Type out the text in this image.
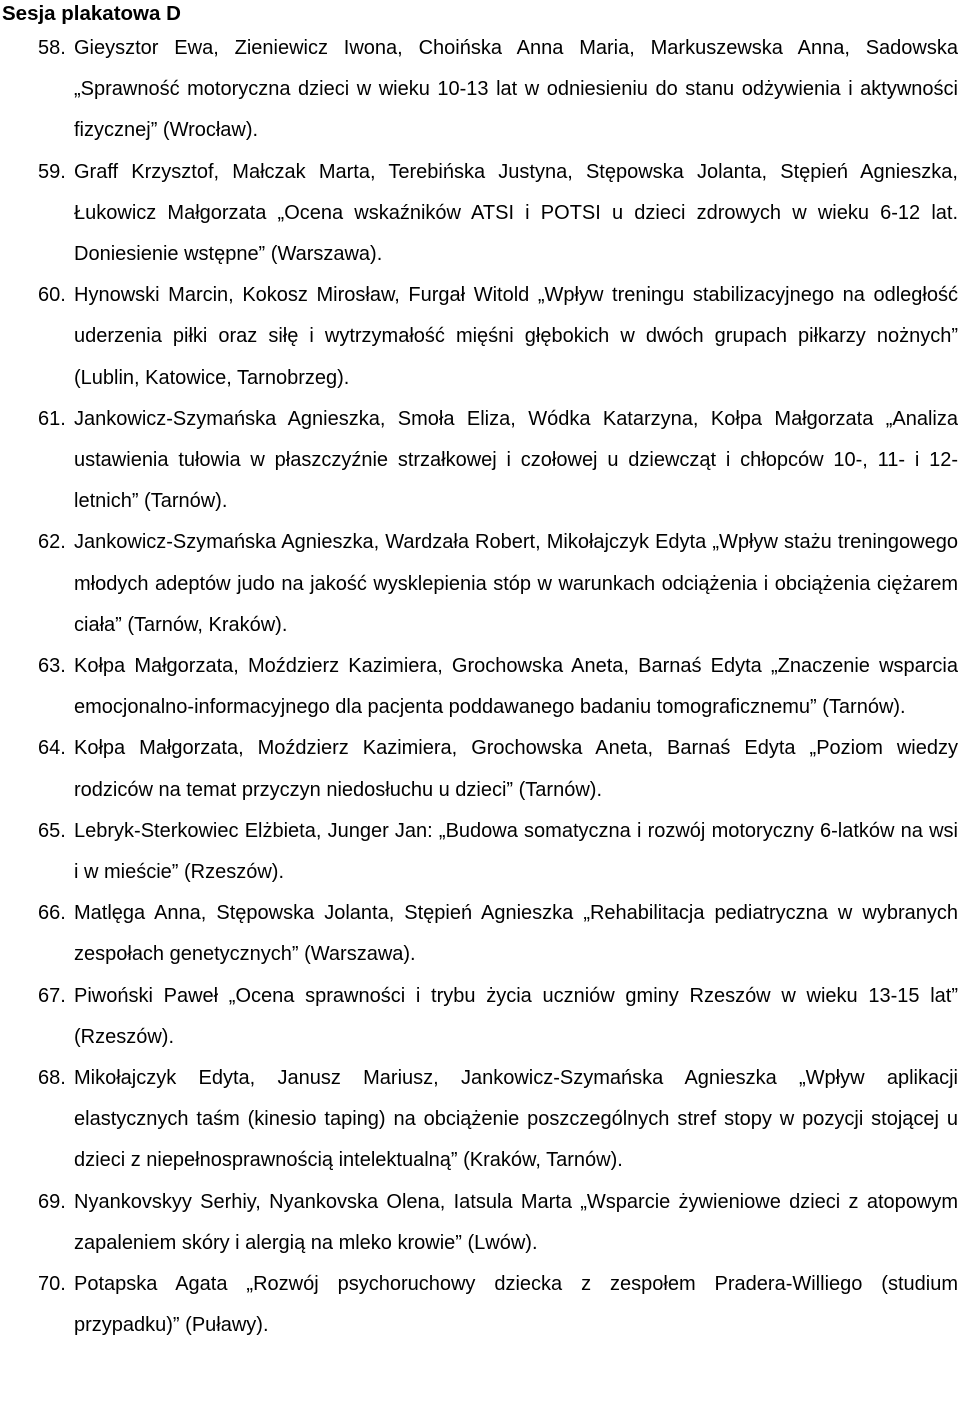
Sesja plakatowa D
58. Gieysztor Ewa, Zieniewicz Iwona, Choińska Anna Maria, Markuszewska Anna, Sadowska „Sprawność motoryczna dzieci w wieku 10-13 lat w odniesieniu do stanu odżywienia i aktywności fizycznej” (Wrocław).
59. Graff Krzysztof, Małczak Marta, Terebińska Justyna, Stępowska Jolanta, Stępień Agnieszka, Łukowicz Małgorzata „Ocena wskaźników ATSI i POTSI u dzieci zdrowych w wieku 6-12 lat. Doniesienie wstępne” (Warszawa).
60. Hynowski Marcin, Kokosz Mirosław, Furgał Witold „Wpływ treningu stabilizacyjnego na odległość uderzenia piłki oraz siłę i wytrzymałość mięśni głębokich w dwóch grupach piłkarzy nożnych” (Lublin, Katowice, Tarnobrzeg).
61. Jankowicz-Szymańska Agnieszka, Smoła Eliza, Wódka Katarzyna, Kołpa Małgorzata „Analiza ustawienia tułowia w płaszczyźnie strzałkowej i czołowej u dziewcząt i chłopców 10-, 11- i 12-letnich” (Tarnów).
62. Jankowicz-Szymańska Agnieszka, Wardzała Robert, Mikołajczyk Edyta „Wpływ stażu treningowego młodych adeptów judo na jakość wysklepienia stóp w warunkach odciążenia i obciążenia ciężarem ciała” (Tarnów, Kraków).
63. Kołpa Małgorzata, Moździerz Kazimiera, Grochowska Aneta, Barnaś Edyta „Znaczenie wsparcia emocjonalno-informacyjnego dla pacjenta poddawanego badaniu tomograficznemu” (Tarnów).
64. Kołpa Małgorzata, Moździerz Kazimiera, Grochowska Aneta, Barnaś Edyta „Poziom wiedzy rodziców na temat przyczyn niedosłuchu u dzieci” (Tarnów).
65. Lebryk-Sterkowiec Elżbieta, Junger Jan: „Budowa somatyczna i rozwój motoryczny 6-latków na wsi i w mieście” (Rzeszów).
66. Matlęga Anna, Stępowska Jolanta, Stępień Agnieszka „Rehabilitacja pediatryczna w wybranych zespołach genetycznych” (Warszawa).
67. Piwoński Paweł „Ocena sprawności i trybu życia uczniów gminy Rzeszów w wieku 13-15 lat” (Rzeszów).
68. Mikołajczyk Edyta, Janusz Mariusz, Jankowicz-Szymańska Agnieszka „Wpływ aplikacji elastycznych taśm (kinesio taping) na obciążenie poszczególnych stref stopy w pozycji stojącej u dzieci z niepełnosprawnością intelektualną” (Kraków, Tarnów).
69. Nyankovskyy Serhiy, Nyankovska Olena, Iatsula Marta „Wsparcie żywieniowe dzieci z atopowym zapaleniem skóry i alergią na mleko krowie” (Lwów).
70. Potapska Agata „Rozwój psychoruchowy dziecka z zespołem Pradera-Williego (studium przypadku)” (Puławy).
